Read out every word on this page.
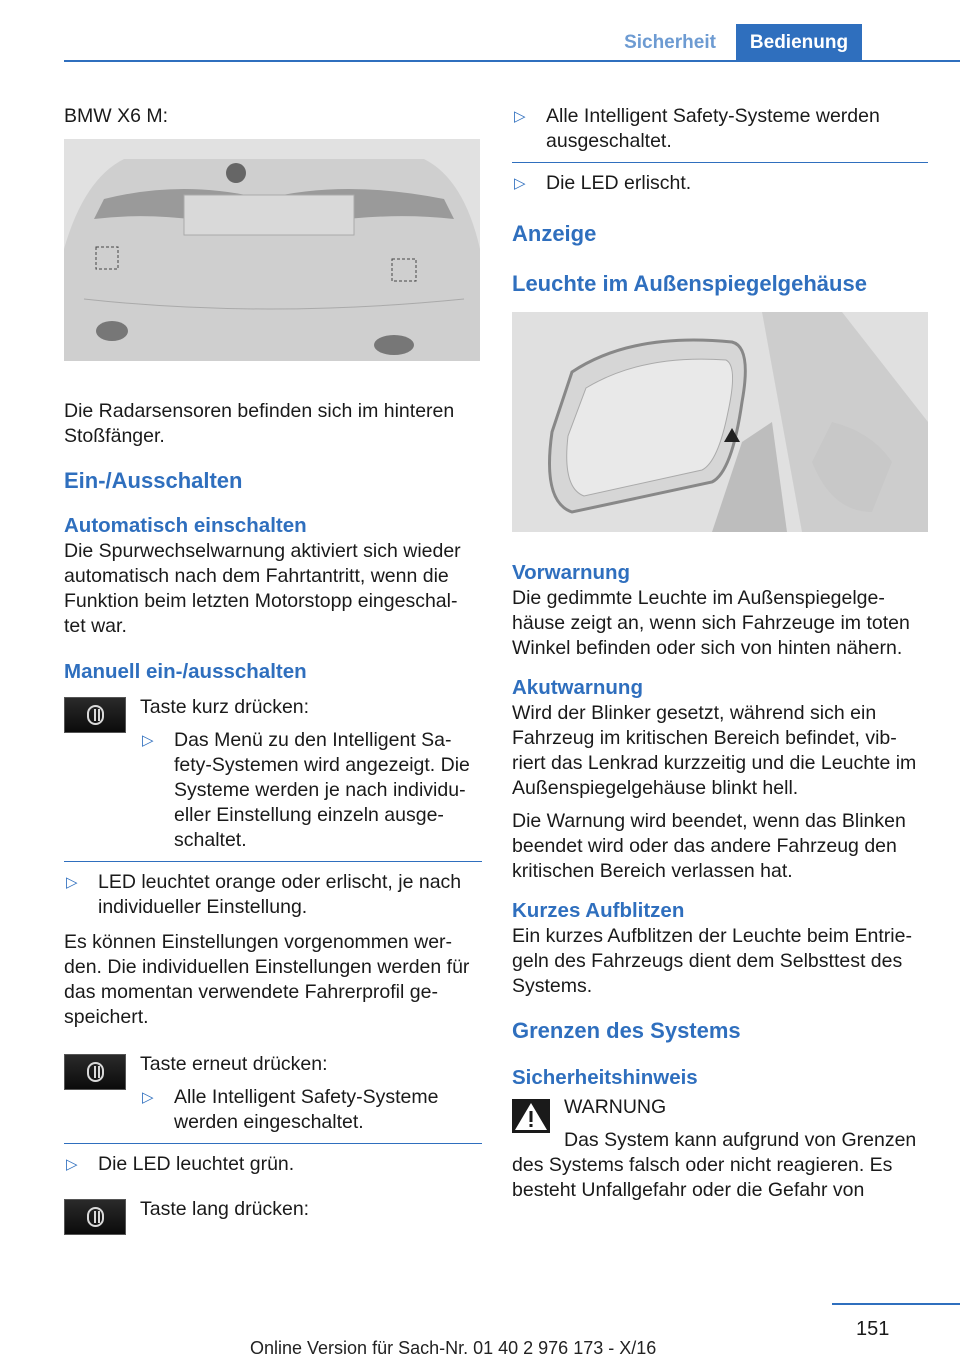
Sicherheit	Bedienung

BMW X6 M:

Die Radarsensoren befinden sich im hinteren Stoßfänger.

Ein-/Ausschalten

Automatisch einschalten

Die Spurwechselwarnung aktiviert sich wieder automatisch nach dem Fahrtantritt, wenn die Funktion beim letzten Motorstopp eingeschal‐ tet war.

Manuell ein-/ausschalten

Taste kurz drücken:

▷ Das Menü zu den Intelligent Sa‐ fety-Systemen wird angezeigt. Die Systeme werden je nach individu‐ eller Einstellung einzeln ausge‐ schaltet.
▷ LED leuchtet orange oder erlischt, je nach individueller Einstellung.

Es können Einstellungen vorgenommen wer‐ den. Die individuellen Einstellungen werden für das momentan verwendete Fahrerprofil ge‐ speichert.

Taste erneut drücken:

▷ Alle Intelligent Safety-Systeme werden eingeschaltet.
▷ Die LED leuchtet grün.

Taste lang drücken:

▷ Alle Intelligent Safety-Systeme werden ausgeschaltet.
▷ Die LED erlischt.

Anzeige

Leuchte im Außenspiegelgehäuse

Vorwarnung

Die gedimmte Leuchte im Außenspiegelge‐ häuse zeigt an, wenn sich Fahrzeuge im toten Winkel befinden oder sich von hinten nähern.

Akutwarnung

Wird der Blinker gesetzt, während sich ein Fahrzeug im kritischen Bereich befindet, vib‐ riert das Lenkrad kurzzeitig und die Leuchte im Außenspiegelgehäuse blinkt hell.

Die Warnung wird beendet, wenn das Blinken beendet wird oder das andere Fahrzeug den kritischen Bereich verlassen hat.

Kurzes Aufblitzen

Ein kurzes Aufblitzen der Leuchte beim Entrie‐ geln des Fahrzeugs dient dem Selbsttest des Systems.

Grenzen des Systems

Sicherheitshinweis

WARNUNG

Das System kann aufgrund von Grenzen des Systems falsch oder nicht reagieren. Es besteht Unfallgefahr oder die Gefahr von

151
Online Version für Sach-Nr. 01 40 2 976 173 - X/16
